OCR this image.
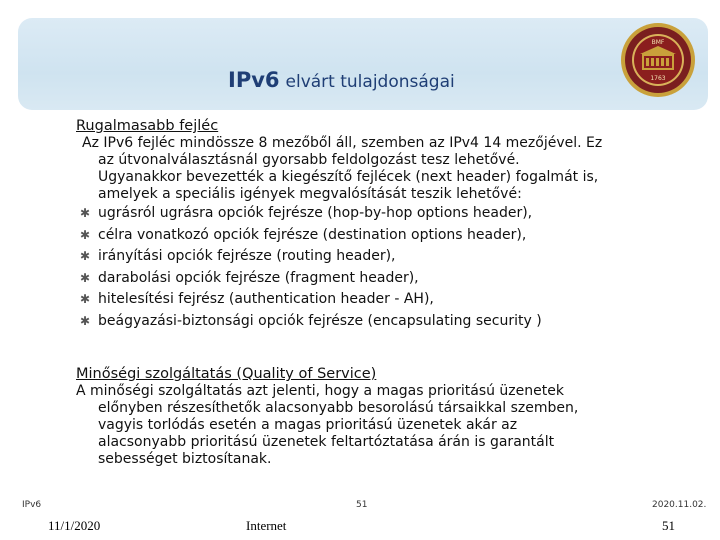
IPv6 elvárt tulajdonságai
BMF
1763
Rugalmasabb fejléc
Az IPv6 fejléc mindössze 8 mezőből áll, szemben az IPv4 14 mezőjével. Ez
az útvonalválasztásnál gyorsabb feldolgozást tesz lehetővé.
Ugyanakkor bevezették a kiegészítő fejlécek (next header) fogalmát is,
amelyek a speciális igények megvalósítását teszik lehetővé:
✱ ugrásról ugrásra opciók fejrésze (hop-by-hop options header),
✱ célra vonatkozó opciók fejrésze (destination options header),
✱ irányítási opciók fejrésze (routing header),
✱ darabolási opciók fejrésze (fragment header),
✱ hitelesítési fejrész (authentication header - AH),
✱ beágyazási-biztonsági opciók fejrésze (encapsulating security )
Minőségi szolgáltatás (Quality of Service)
A minőségi szolgáltatás azt jelenti, hogy a magas prioritású üzenetek
előnyben részesíthetők alacsonyabb besorolású társaikkal szemben,
vagyis torlódás esetén a magas prioritású üzenetek akár az
alacsonyabb prioritású üzenetek feltartóztatása árán is garantált
sebességet biztosítanak.
IPv6	51	2020.11.02.
11/1/2020	Internet	51
